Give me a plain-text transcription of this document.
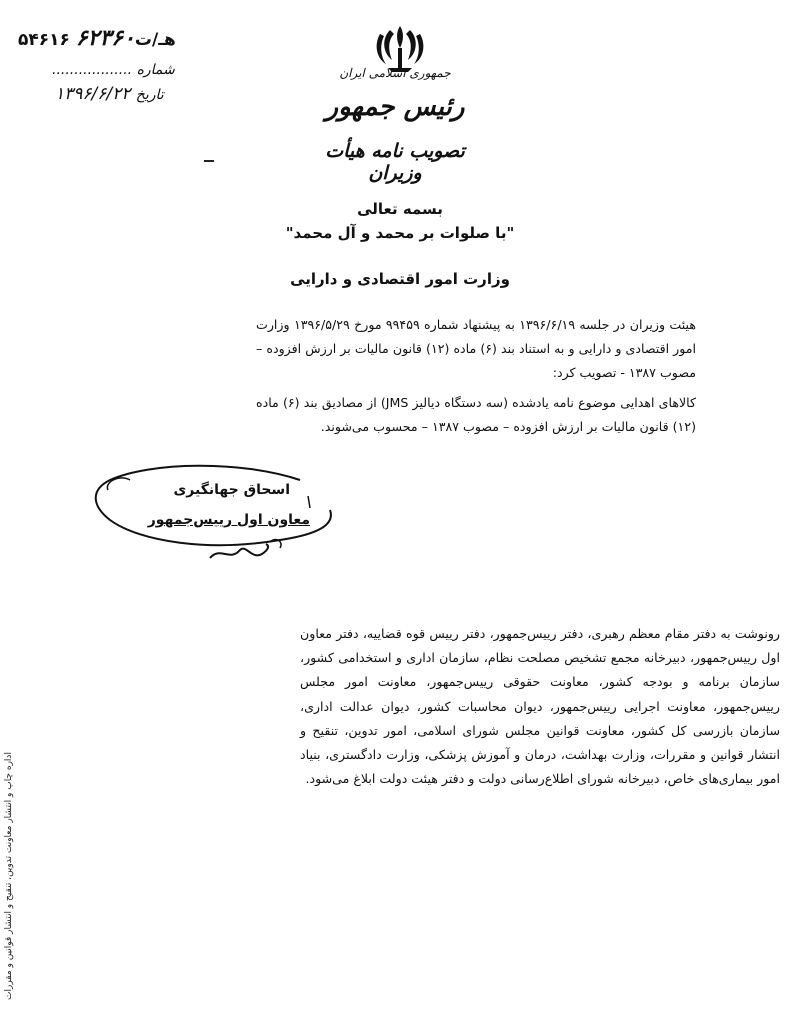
۵۴۶۱۶ هـ/ت۶۲۳۶۰
شماره ..................
تاریخ ۱۳۹۶/۶/۲۲
جمهوری اسلامی ایران
رئیس جمهور
تصویب نامه هیأت وزیران
بسمه تعالی
"با صلوات بر محمد و آل محمد"
وزارت امور اقتصادی و دارایی
هیئت وزیران در جلسه ۱۳۹۶/۶/۱۹ به پیشنهاد شماره ۹۹۴۵۹ مورخ ۱۳۹۶/۵/۲۹ وزارت امور اقتصادی و دارایی و به استناد بند (۶) ماده (۱۲) قانون مالیات بر ارزش افزوده – مصوب ۱۳۸۷ - تصویب کرد:
کالاهای اهدایی موضوع نامه یادشده (سه دستگاه دیالیز JMS) از مصادیق بند (۶) ماده (۱۲) قانون مالیات بر ارزش افزوده – مصوب ۱۳۸۷ – محسوب می‌شوند.
اسحاق جهانگیری
معاون اول رییس‌جمهور
رونوشت به دفتر مقام معظم رهبری، دفتر رییس‌جمهور، دفتر رییس قوه قضاییه، دفتر معاون اول رییس‌جمهور، دبیرخانه مجمع تشخیص مصلحت نظام، سازمان اداری و استخدامی کشور، سازمان برنامه و بودجه کشور، معاونت حقوقی رییس‌جمهور، معاونت امور مجلس رییس‌جمهور، معاونت اجرایی رییس‌جمهور، دیوان محاسبات کشور، دیوان عدالت اداری، سازمان بازرسی کل کشور، معاونت قوانین مجلس شورای اسلامی، امور تدوین، تنقیح و انتشار قوانین و مقررات، وزارت بهداشت، درمان و آموزش پزشکی، وزارت دادگستری، بنیاد امور بیماری‌های خاص، دبیرخانه شورای اطلاع‌رسانی دولت و دفتر هیئت دولت ابلاغ می‌شود.
اداره چاپ و انتشار معاونت تدوین، تنقیح و انتشار قوانین و مقررات
